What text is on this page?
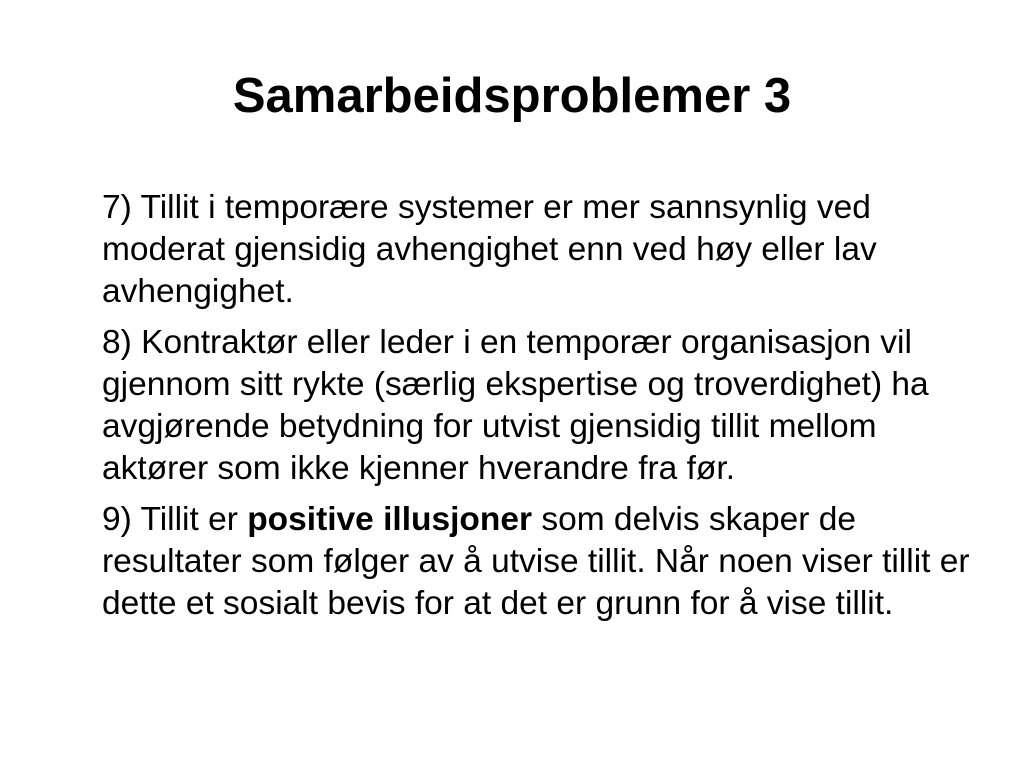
Samarbeidsproblemer 3

7) Tillit i temporære systemer er mer sannsynlig ved moderat gjensidig avhengighet enn ved høy eller lav avhengighet.

8) Kontraktør eller leder i en temporær organisasjon vil gjennom sitt rykte (særlig ekspertise og troverdighet) ha avgjørende betydning for utvist gjensidig tillit mellom aktører som ikke kjenner hverandre fra før.

9) Tillit er positive illusjoner som delvis skaper de resultater som følger av å utvise tillit. Når noen viser tillit er dette et sosialt bevis for at det er grunn for å vise tillit.
